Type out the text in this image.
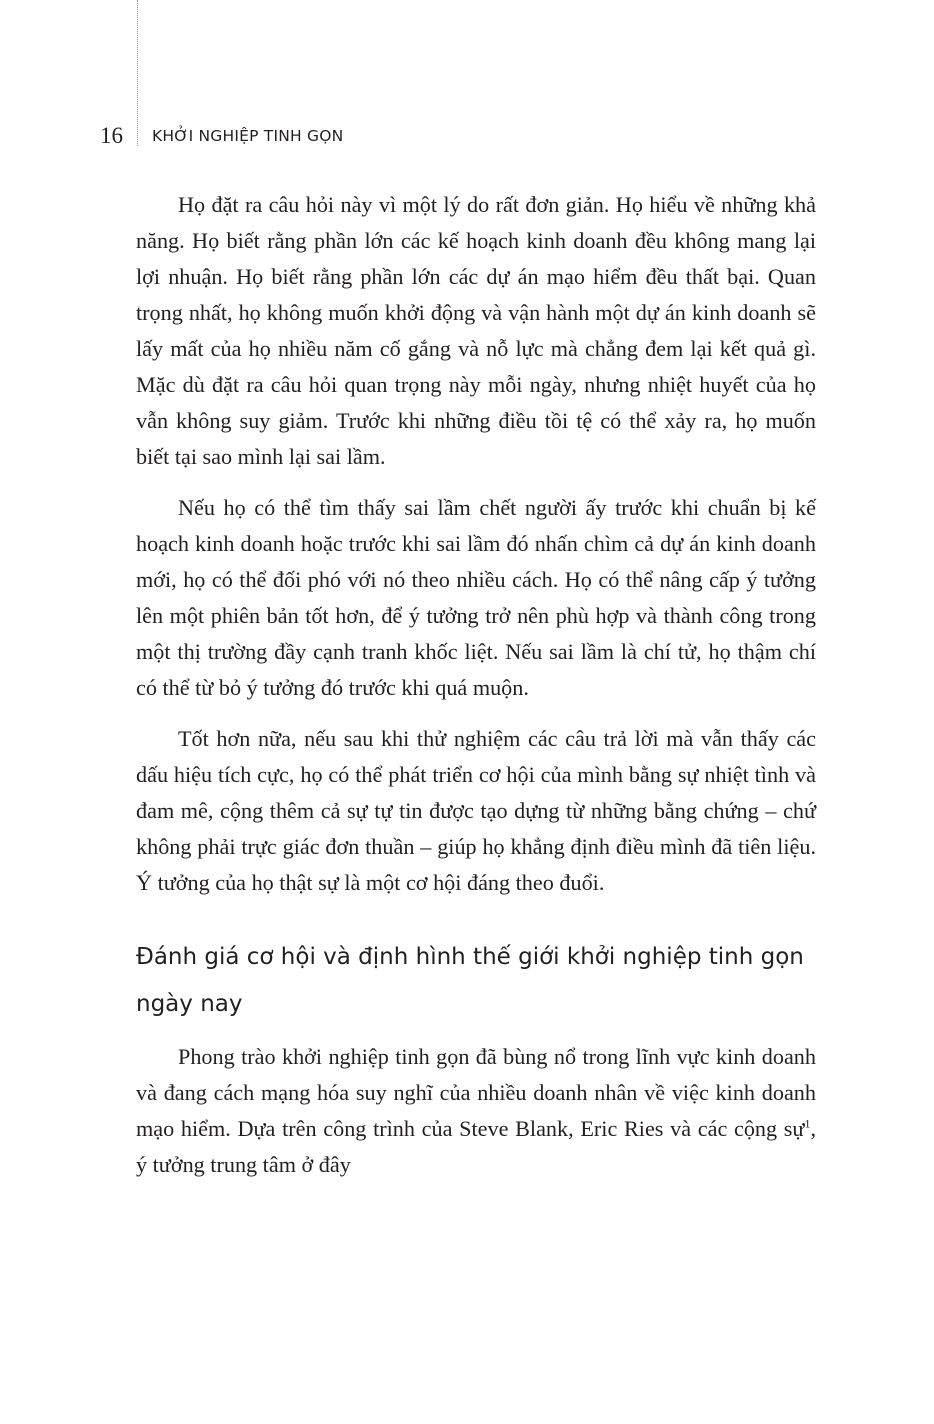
16	KHỞI NGHIỆP TINH GỌN

Họ đặt ra câu hỏi này vì một lý do rất đơn giản. Họ hiểu về những khả năng. Họ biết rằng phần lớn các kế hoạch kinh doanh đều không mang lại lợi nhuận. Họ biết rằng phần lớn các dự án mạo hiểm đều thất bại. Quan trọng nhất, họ không muốn khởi động và vận hành một dự án kinh doanh sẽ lấy mất của họ nhiều năm cố gắng và nỗ lực mà chẳng đem lại kết quả gì. Mặc dù đặt ra câu hỏi quan trọng này mỗi ngày, nhưng nhiệt huyết của họ vẫn không suy giảm. Trước khi những điều tồi tệ có thể xảy ra, họ muốn biết tại sao mình lại sai lầm.

Nếu họ có thể tìm thấy sai lầm chết người ấy trước khi chuẩn bị kế hoạch kinh doanh hoặc trước khi sai lầm đó nhấn chìm cả dự án kinh doanh mới, họ có thể đối phó với nó theo nhiều cách. Họ có thể nâng cấp ý tưởng lên một phiên bản tốt hơn, để ý tưởng trở nên phù hợp và thành công trong một thị trường đầy cạnh tranh khốc liệt. Nếu sai lầm là chí tử, họ thậm chí có thể từ bỏ ý tưởng đó trước khi quá muộn.

Tốt hơn nữa, nếu sau khi thử nghiệm các câu trả lời mà vẫn thấy các dấu hiệu tích cực, họ có thể phát triển cơ hội của mình bằng sự nhiệt tình và đam mê, cộng thêm cả sự tự tin được tạo dựng từ những bằng chứng – chứ không phải trực giác đơn thuần – giúp họ khẳng định điều mình đã tiên liệu. Ý tưởng của họ thật sự là một cơ hội đáng theo đuổi.

Đánh giá cơ hội và định hình thế giới khởi nghiệp tinh gọn ngày nay

Phong trào khởi nghiệp tinh gọn đã bùng nổ trong lĩnh vực kinh doanh và đang cách mạng hóa suy nghĩ của nhiều doanh nhân về việc kinh doanh mạo hiểm. Dựa trên công trình của Steve Blank, Eric Ries và các cộng sự$^1$, ý tưởng trung tâm ở đây
